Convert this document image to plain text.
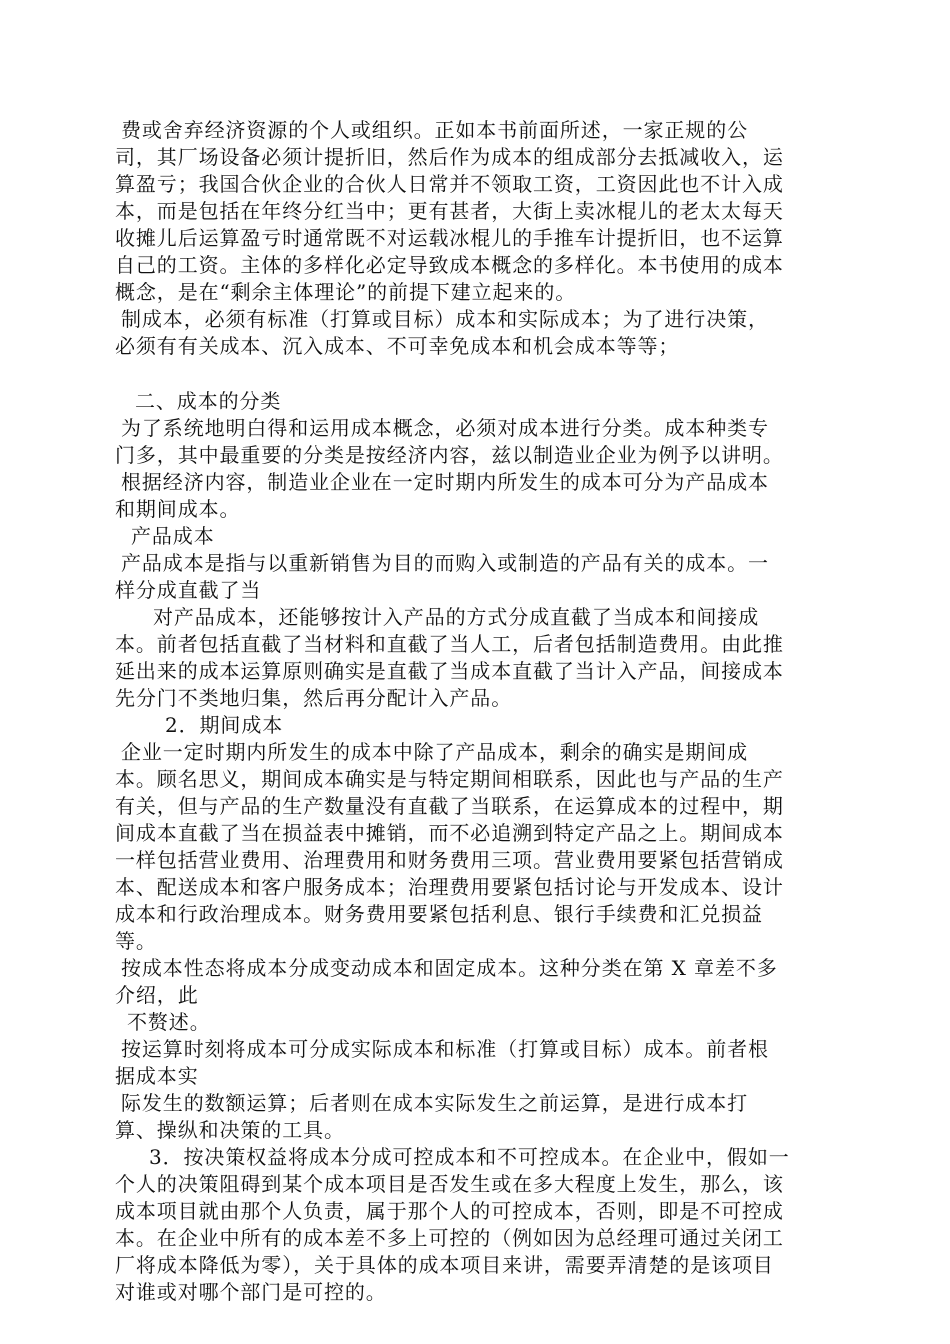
费或舍弃经济资源的个人或组织。正如本书前面所述，一家正规的公
司，其厂场设备必须计提折旧，然后作为成本的组成部分去抵减收入，运
算盈亏；我国合伙企业的合伙人日常并不领取工资，工资因此也不计入成
本，而是包括在年终分红当中；更有甚者，大街上卖冰棍儿的老太太每天
收摊儿后运算盈亏时通常既不对运载冰棍儿的手推车计提折旧，也不运算
自己的工资。主体的多样化必定导致成本概念的多样化。本书使用的成本
概念，是在“剩余主体理论”的前提下建立起来的。
制成本，必须有标准（打算或目标）成本和实际成本；为了进行决策，
必须有有关成本、沉入成本、不可幸免成本和机会成本等等；
二、成本的分类
为了系统地明白得和运用成本概念，必须对成本进行分类。成本种类专
门多，其中最重要的分类是按经济内容，兹以制造业企业为例予以讲明。
根据经济内容，制造业企业在一定时期内所发生的成本可分为产品成本
和期间成本。
产品成本
产品成本是指与以重新销售为目的而购入或制造的产品有关的成本。一
样分成直截了当
对产品成本，还能够按计入产品的方式分成直截了当成本和间接成
本。前者包括直截了当材料和直截了当人工，后者包括制造费用。由此推
延出来的成本运算原则确实是直截了当成本直截了当计入产品，间接成本
先分门不类地归集，然后再分配计入产品。
2．期间成本
企业一定时期内所发生的成本中除了产品成本，剩余的确实是期间成
本。顾名思义，期间成本确实是与特定期间相联系，因此也与产品的生产
有关，但与产品的生产数量没有直截了当联系，在运算成本的过程中，期
间成本直截了当在损益表中摊销，而不必追溯到特定产品之上。期间成本
一样包括营业费用、治理费用和财务费用三项。营业费用要紧包括营销成
本、配送成本和客户服务成本；治理费用要紧包括讨论与开发成本、设计
成本和行政治理成本。财务费用要紧包括利息、银行手续费和汇兑损益
等。
按成本性态将成本分成变动成本和固定成本。这种分类在第 X 章差不多
介绍，此
不赘述。
按运算时刻将成本可分成实际成本和标准（打算或目标）成本。前者根
据成本实
际发生的数额运算；后者则在成本实际发生之前运算，是进行成本打
算、操纵和决策的工具。
3．按决策权益将成本分成可控成本和不可控成本。在企业中，假如一
个人的决策阻碍到某个成本项目是否发生或在多大程度上发生，那么，该
成本项目就由那个人负责，属于那个人的可控成本，否则，即是不可控成
本。在企业中所有的成本差不多上可控的（例如因为总经理可通过关闭工
厂将成本降低为零），关于具体的成本项目来讲，需要弄清楚的是该项目
对谁或对哪个部门是可控的。
